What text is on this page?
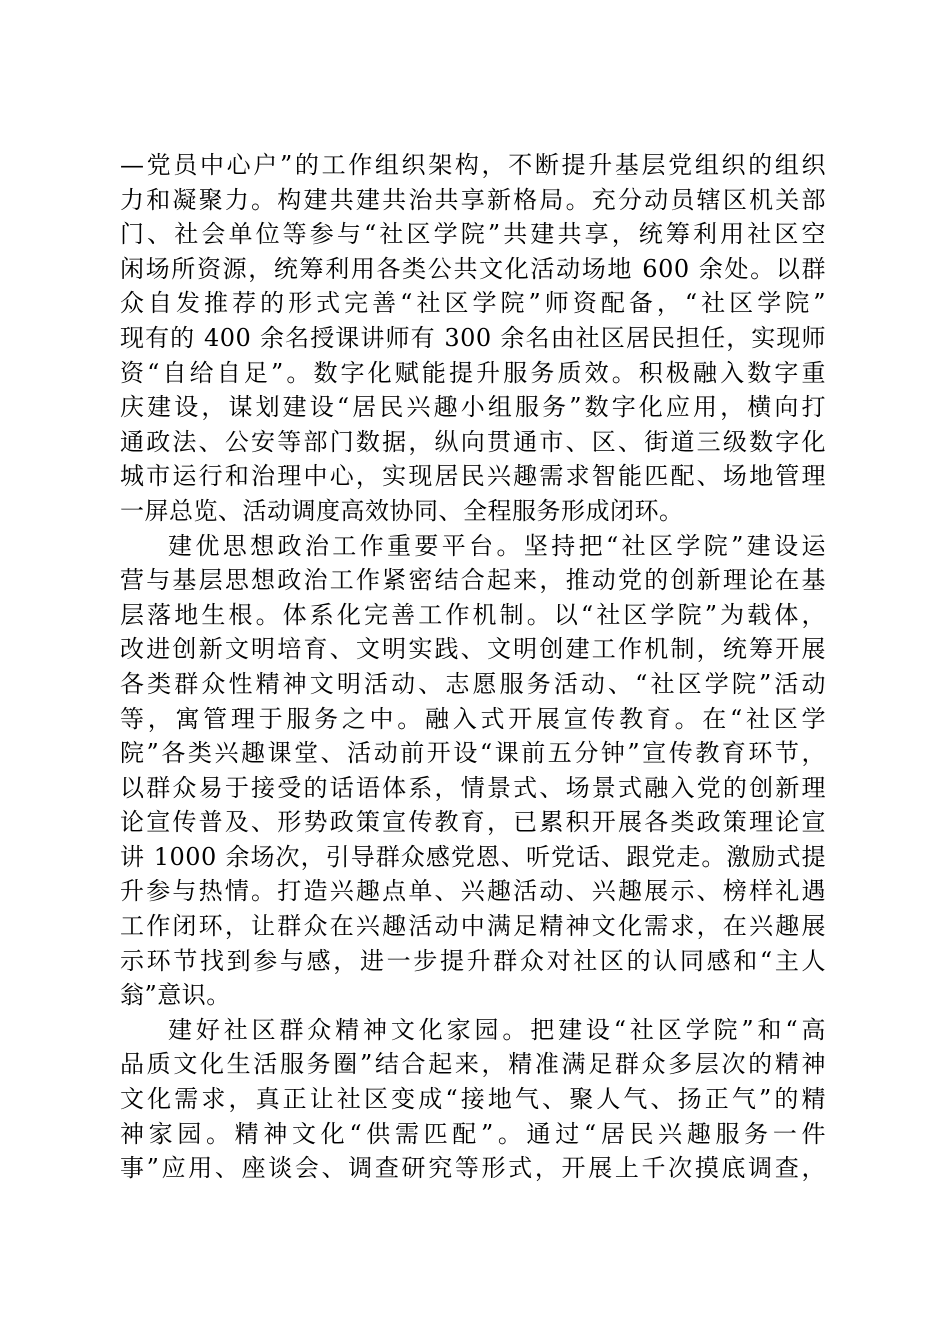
—党员中心户”的工作组织架构，不断提升基层党组织的组织
力和凝聚力。构建共建共治共享新格局。充分动员辖区机关部
门、社会单位等参与“社区学院”共建共享，统筹利用社区空
闲场所资源，统筹利用各类公共文化活动场地 600 余处。以群
众自发推荐的形式完善“社区学院”师资配备，“社区学院”
现有的 400 余名授课讲师有 300 余名由社区居民担任，实现师
资“自给自足”。数字化赋能提升服务质效。积极融入数字重
庆建设，谋划建设“居民兴趣小组服务”数字化应用，横向打
通政法、公安等部门数据，纵向贯通市、区、街道三级数字化
城市运行和治理中心，实现居民兴趣需求智能匹配、场地管理
一屏总览、活动调度高效协同、全程服务形成闭环。
建优思想政治工作重要平台。坚持把“社区学院”建设运
营与基层思想政治工作紧密结合起来，推动党的创新理论在基
层落地生根。体系化完善工作机制。以“社区学院”为载体，
改进创新文明培育、文明实践、文明创建工作机制，统筹开展
各类群众性精神文明活动、志愿服务活动、“社区学院”活动
等，寓管理于服务之中。融入式开展宣传教育。在“社区学
院”各类兴趣课堂、活动前开设“课前五分钟”宣传教育环节，
以群众易于接受的话语体系，情景式、场景式融入党的创新理
论宣传普及、形势政策宣传教育，已累积开展各类政策理论宣
讲 1000 余场次，引导群众感党恩、听党话、跟党走。激励式提
升参与热情。打造兴趣点单、兴趣活动、兴趣展示、榜样礼遇
工作闭环，让群众在兴趣活动中满足精神文化需求，在兴趣展
示环节找到参与感，进一步提升群众对社区的认同感和“主人
翁”意识。
建好社区群众精神文化家园。把建设“社区学院”和“高
品质文化生活服务圈”结合起来，精准满足群众多层次的精神
文化需求，真正让社区变成“接地气、聚人气、扬正气”的精
神家园。精神文化“供需匹配”。通过“居民兴趣服务一件
事”应用、座谈会、调查研究等形式，开展上千次摸底调查，
